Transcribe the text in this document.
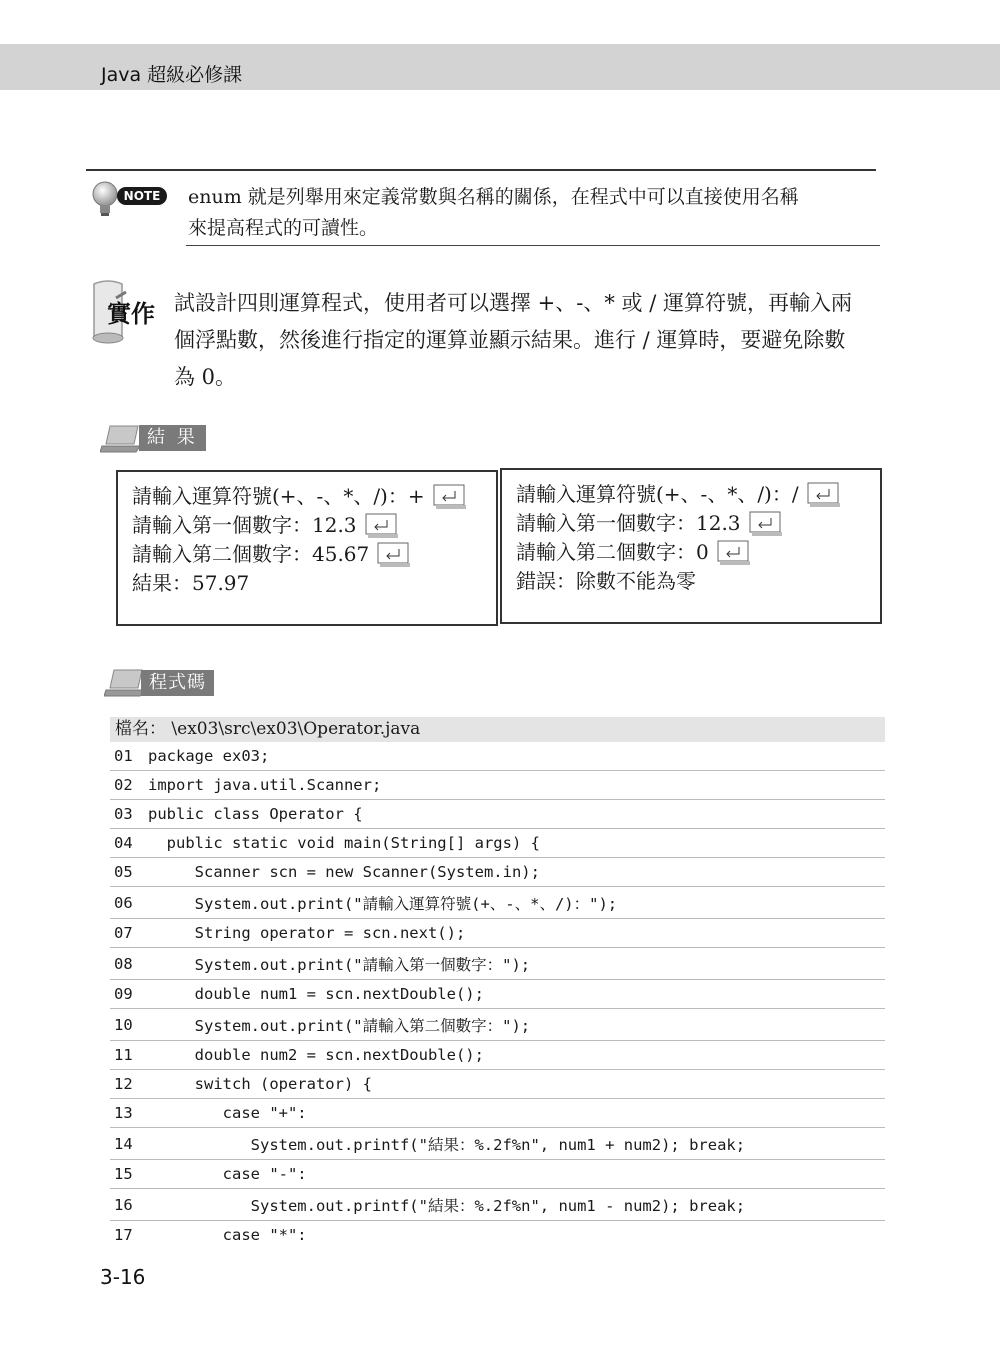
Java 超級必修課
NOTE	enum 就是列舉用來定義常數與名稱的關係，在程式中可以直接使用名稱
來提高程式的可讀性。
實作 試設計四則運算程式，使用者可以選擇 +、-、* 或 / 運算符號，再輸入兩
個浮點數，然後進行指定的運算並顯示結果。進行 / 運算時，要避免除數
為 0。
結 果
請輸入運算符號(+、-、*、/)：+
請輸入第一個數字：12.3
請輸入第二個數字：45.67
結果：57.97
請輸入運算符號(+、-、*、/)：/
請輸入第一個數字：12.3
請輸入第二個數字：0
錯誤：除數不能為零
程式碼
檔名： \ex03\src\ex03\Operator.java
01 package ex03;
02 import java.util.Scanner;
03 public class Operator {
04 public static void main(String[] args) {
05 Scanner scn = new Scanner(System.in);
06 System.out.print("請輸入運算符號(+、-、*、/)：");
07 String operator = scn.next();
08 System.out.print("請輸入第一個數字：");
09 double num1 = scn.nextDouble();
10 System.out.print("請輸入第二個數字：");
11 double num2 = scn.nextDouble();
12 switch (operator) {
13 case "+":
14 System.out.printf("結果：%.2f%n", num1 + num2); break;
15 case "-":
16 System.out.printf("結果：%.2f%n", num1 - num2); break;
17 case "*":
3-16
